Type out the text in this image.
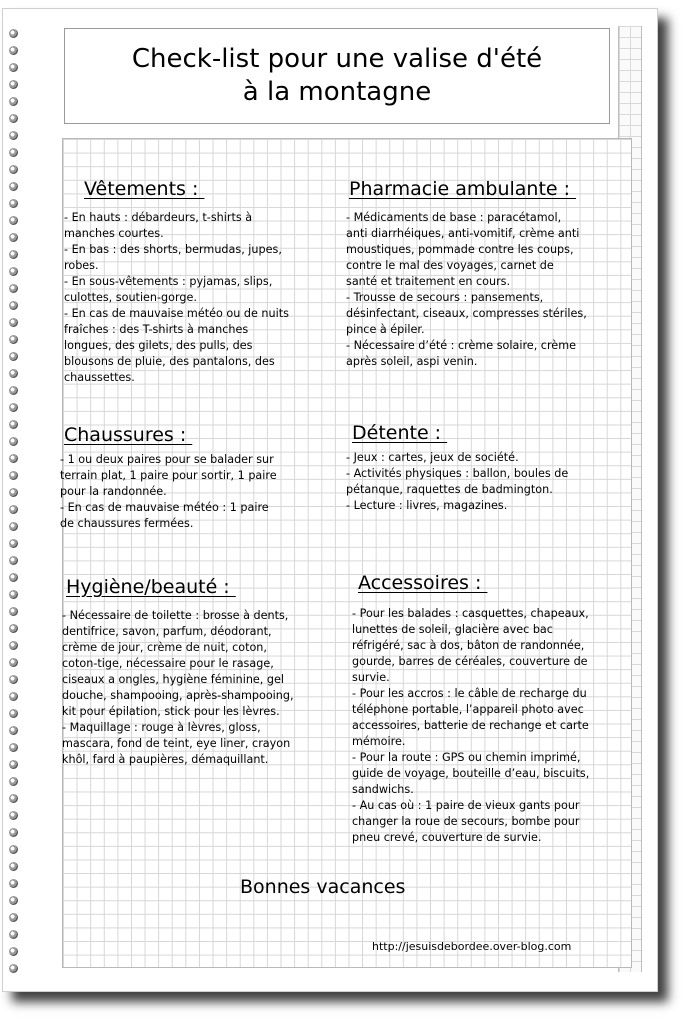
Check-list pour une valise d'été
à la montagne
Vêtements :
- En hauts : débardeurs, t-shirts à
manches courtes.
- En bas : des shorts, bermudas, jupes,
robes.
- En sous-vêtements : pyjamas, slips,
culottes, soutien-gorge.
- En cas de mauvaise météo ou de nuits
fraîches : des T-shirts à manches
longues, des gilets, des pulls, des
blousons de pluie, des pantalons, des
chaussettes.
Pharmacie ambulante :
- Médicaments de base : paracétamol,
anti diarrhéiques, anti-vomitif, crème anti
moustiques, pommade contre les coups,
contre le mal des voyages, carnet de
santé et traitement en cours.
- Trousse de secours : pansements,
désinfectant, ciseaux, compresses stériles,
pince à épiler.
- Nécessaire d’été : crème solaire, crème
après soleil, aspi venin.
Chaussures :
- 1 ou deux paires pour se balader sur
terrain plat, 1 paire pour sortir, 1 paire
pour la randonnée.
- En cas de mauvaise météo : 1 paire
de chaussures fermées.
Détente :
- Jeux : cartes, jeux de société.
- Activités physiques : ballon, boules de
pétanque, raquettes de badmington.
- Lecture : livres, magazines.
Hygiène/beauté :
- Nécessaire de toilette : brosse à dents,
dentifrice, savon, parfum, déodorant,
crème de jour, crème de nuit, coton,
coton-tige, nécessaire pour le rasage,
ciseaux a ongles, hygiène féminine, gel
douche, shampooing, après-shampooing,
kit pour épilation, stick pour les lèvres.
- Maquillage : rouge à lèvres, gloss,
mascara, fond de teint, eye liner, crayon
khôl, fard à paupières, démaquillant.
Accessoires :
- Pour les balades : casquettes, chapeaux,
lunettes de soleil, glacière avec bac
réfrigéré, sac à dos, bâton de randonnée,
gourde, barres de céréales, couverture de
survie.
- Pour les accros : le câble de recharge du
téléphone portable, l’appareil photo avec
accessoires, batterie de rechange et carte
mémoire.
- Pour la route : GPS ou chemin imprimé,
guide de voyage, bouteille d’eau, biscuits,
sandwichs.
- Au cas où : 1 paire de vieux gants pour
changer la roue de secours, bombe pour
pneu crevé, couverture de survie.
Bonnes vacances
http://jesuisdebordee.over-blog.com
